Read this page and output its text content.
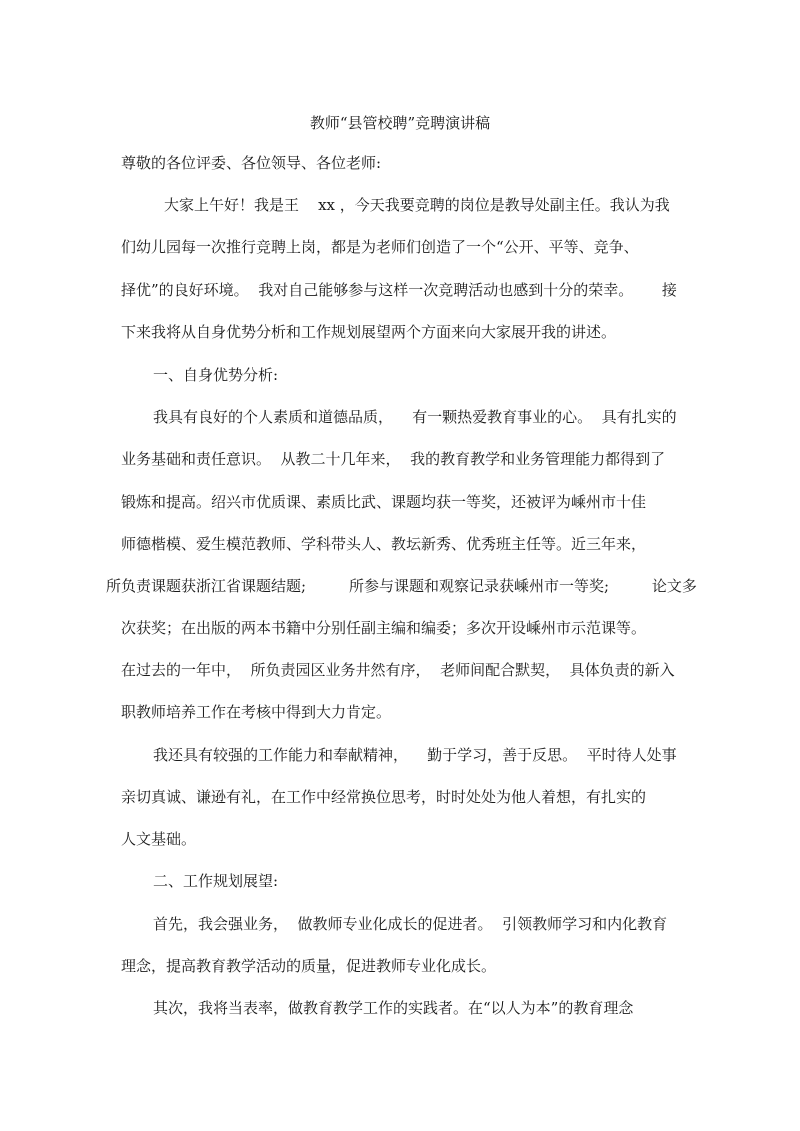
教师“县管校聘”竞聘演讲稿
尊敬的各位评委、各位领导、各位老师:
大家上午好！我是王    xx ，今天我要竞聘的岗位是教导处副主任。我认为我
们幼儿园每一次推行竞聘上岗，都是为老师们创造了一个“公开、平等、竞争、
择优”的良好环境。  我对自己能够参与这样一次竞聘活动也感到十分的荣幸。      接
下来我将从自身优势分析和工作规划展望两个方面来向大家展开我的讲述。
一、自身优势分析:
我具有良好的个人素质和道德品质，    有一颗热爱教育事业的心。  具有扎实的
业务基础和责任意识。  从教二十几年来，  我的教育教学和业务管理能力都得到了
锻炼和提高。绍兴市优质课、素质比武、课题均获一等奖，还被评为嵊州市十佳
师德楷模、爱生模范教师、学科带头人、教坛新秀、优秀班主任等。近三年来，
所负责课题获浙江省课题结题;         所参与课题和观察记录获嵊州市一等奖;         论文多
次获奖；在出版的两本书籍中分别任副主编和编委；多次开设嵊州市示范课等。
在过去的一年中，  所负责园区业务井然有序，  老师间配合默契，  具体负责的新入
职教师培养工作在考核中得到大力肯定。
我还具有较强的工作能力和奉献精神，    勤于学习，善于反思。  平时待人处事
亲切真诚、谦逊有礼，在工作中经常换位思考，时时处处为他人着想，有扎实的
人文基础。
二、工作规划展望:
首先，我会强业务，  做教师专业化成长的促进者。  引领教师学习和内化教育
理念，提高教育教学活动的质量，促进教师专业化成长。
其次，我将当表率，做教育教学工作的实践者。在“以人为本”的教育理念
